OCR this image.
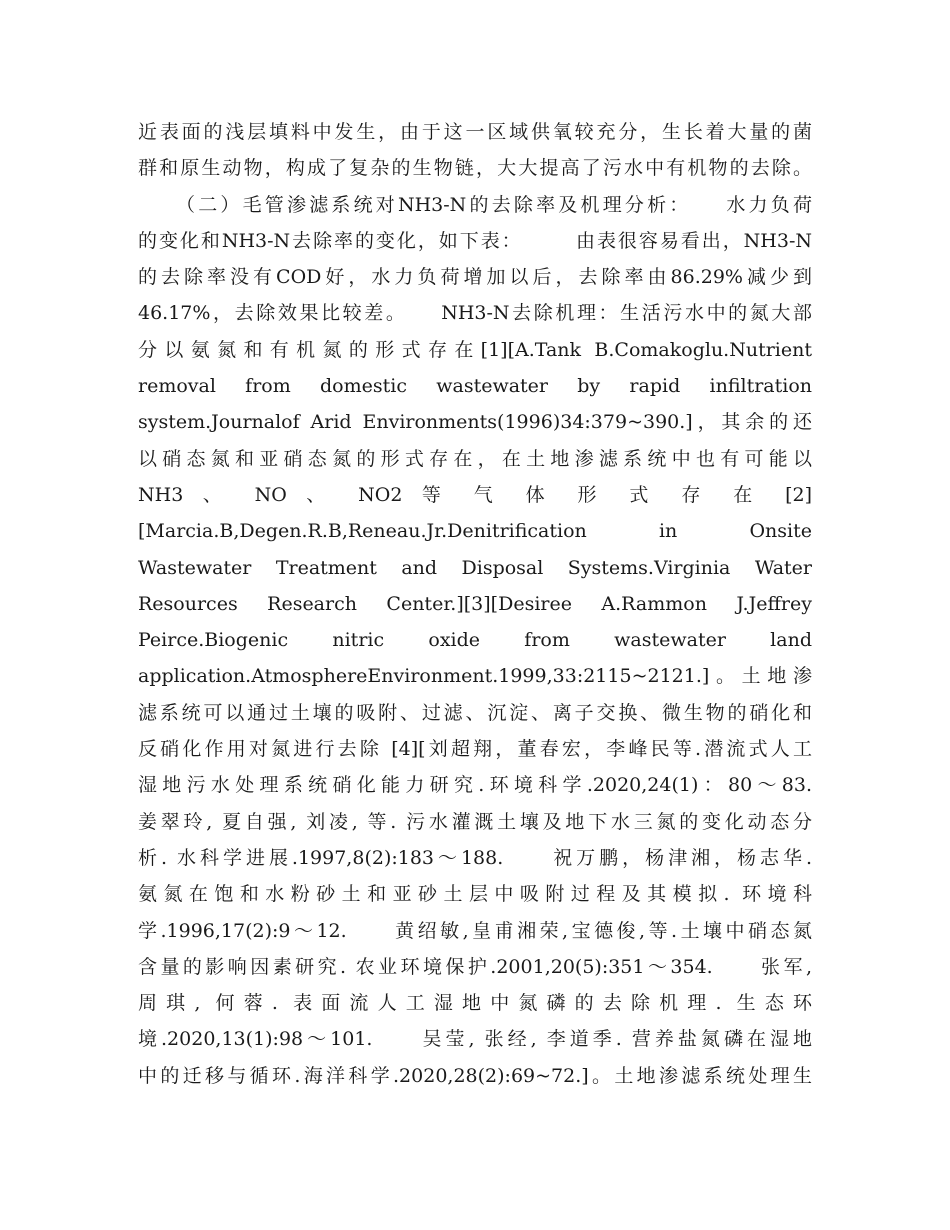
近表面的浅层填料中发生，由于这一区域供氧较充分，生长着大量的菌
群和原生动物，构成了复杂的生物链，大大提高了污水中有机物的去除。
（二）毛管渗滤系统对NH3-N的去除率及机理分析：　　水力负荷
的变化和NH3-N去除率的变化，如下表：　　　由表很容易看出，NH3-N
的去除率没有COD好，水力负荷增加以后，去除率由86.29%减少到
46.17%，去除效果比较差。　　NH3-N去除机理：生活污水中的氮大部
分以氨氮和有机氮的形式存在[1][A.Tank B.Comakoglu.Nutrient
removal from domestic wastewater by rapid infiltration
system.Journalof Arid Environments(1996)34:379~390.]，其余的还
以硝态氮和亚硝态氮的形式存在，在土地渗滤系统中也有可能以
NH3 、 NO 、 NO2 等 气 体 形 式 存 在 [2]
[Marcia.B,Degen.R.B,Reneau.Jr.Denitrification in Onsite
Wastewater Treatment and Disposal Systems.Virginia Water
Resources Research Center.][3][Desiree A.Rammon J.Jeffrey
Peirce.Biogenic nitric oxide from wastewater land
application.AtmosphereEnvironment.1999,33:2115~2121.]。土地渗
滤系统可以通过土壤的吸附、过滤、沉淀、离子交换、微生物的硝化和
反硝化作用对氮进行去除 [4][刘超翔，董春宏，李峰民等.潜流式人工
湿地污水处理系统硝化能力研究.环境科学.2020,24(1)：80～83.
姜翠玲, 夏自强, 刘凌, 等. 污水灌溉土壤及地下水三氮的变化动态分
析. 水科学进展.1997,8(2):183～188.　　祝万鹏，杨津湘，杨志华.
氨氮在饱和水粉砂土和亚砂土层中吸附过程及其模拟. 环境科
学.1996,17(2):9～12.　　黄绍敏,皇甫湘荣,宝德俊,等.土壤中硝态氮
含量的影响因素研究. 农业环境保护.2001,20(5):351～354.　　张军,
周琪, 何蓉. 表面流人工湿地中氮磷的去除机理. 生态环
境.2020,13(1):98～101.　　吴莹, 张经, 李道季. 营养盐氮磷在湿地
中的迁移与循环.海洋科学.2020,28(2):69~72.]。土地渗滤系统处理生
